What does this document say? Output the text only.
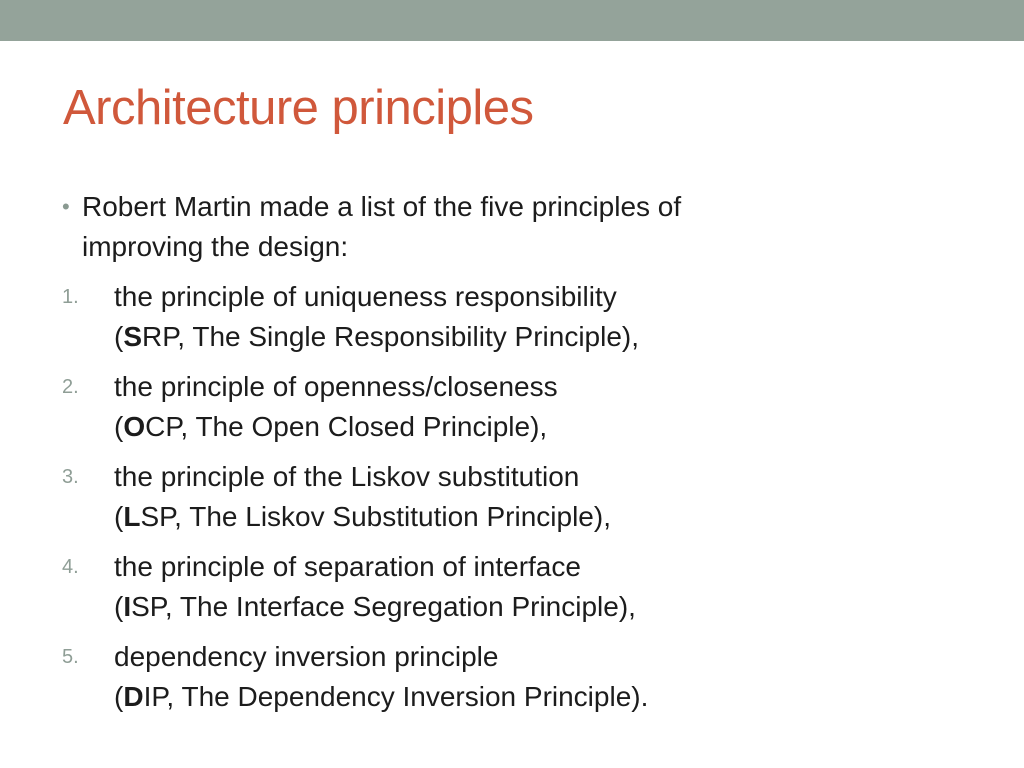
Architecture principles
• Robert Martin made a list of the five principles of
improving the design:
1.	the principle of uniqueness responsibility
(SRP, The Single Responsibility Principle),
2.	the principle of openness/closeness
(OCP, The Open Closed Principle),
3.	the principle of the Liskov substitution
(LSP, The Liskov Substitution Principle),
4.	the principle of separation of interface
(ISP, The Interface Segregation Principle),
5.	dependency inversion principle
(DIP, The Dependency Inversion Principle).
